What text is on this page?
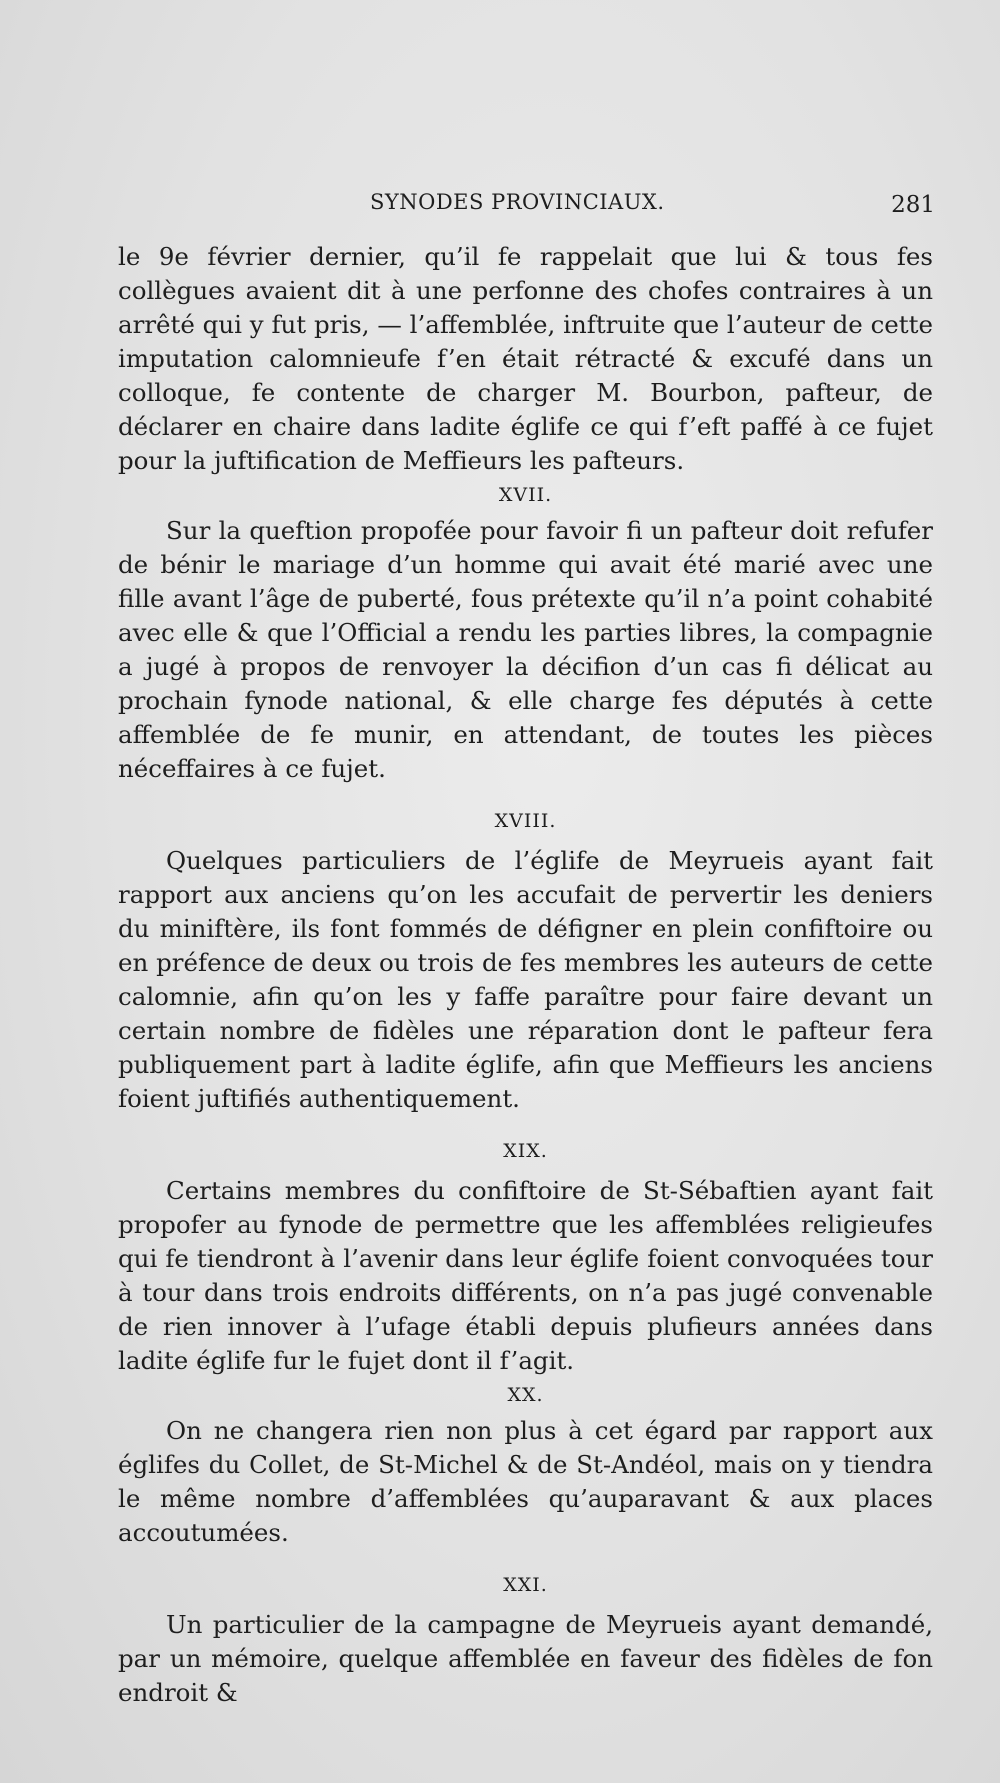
SYNODES PROVINCIAUX.	281

le 9e février dernier, qu’il fe rappelait que lui & tous fes collègues avaient dit à une perfonne des chofes contraires à un arrêté qui y fut pris, — l’affemblée, inftruite que l’auteur de cette imputation calomnieufe f’en était rétracté & excufé dans un colloque, fe contente de charger M. Bourbon, pafteur, de déclarer en chaire dans ladite églife ce qui f’eft paffé à ce fujet pour la juftification de Meffieurs les pafteurs.

XVII.

Sur la queftion propofée pour favoir fi un pafteur doit refufer de bénir le mariage d’un homme qui avait été marié avec une fille avant l’âge de puberté, fous prétexte qu’il n’a point cohabité avec elle & que l’Official a rendu les parties libres, la compagnie a jugé à propos de renvoyer la décifion d’un cas fi délicat au prochain fynode national, & elle charge fes députés à cette affemblée de fe munir, en attendant, de toutes les pièces néceffaires à ce fujet.

XVIII.

Quelques particuliers de l’églife de Meyrueis ayant fait rapport aux anciens qu’on les accufait de pervertir les deniers du miniftère, ils font fommés de défigner en plein confiftoire ou en préfence de deux ou trois de fes membres les auteurs de cette calomnie, afin qu’on les y faffe paraître pour faire devant un certain nombre de fidèles une réparation dont le pafteur fera publiquement part à ladite églife, afin que Meffieurs les anciens foient juftifiés authentiquement.

XIX.

Certains membres du confiftoire de St-Sébaftien ayant fait propofer au fynode de permettre que les affemblées religieufes qui fe tiendront à l’avenir dans leur églife foient convoquées tour à tour dans trois endroits différents, on n’a pas jugé convenable de rien innover à l’ufage établi depuis plufieurs années dans ladite églife fur le fujet dont il f’agit.

XX.

On ne changera rien non plus à cet égard par rapport aux églifes du Collet, de St-Michel & de St-Andéol, mais on y tiendra le même nombre d’affemblées qu’auparavant & aux places accoutumées.

XXI.

Un particulier de la campagne de Meyrueis ayant demandé, par un mémoire, quelque affemblée en faveur des fidèles de fon endroit &
